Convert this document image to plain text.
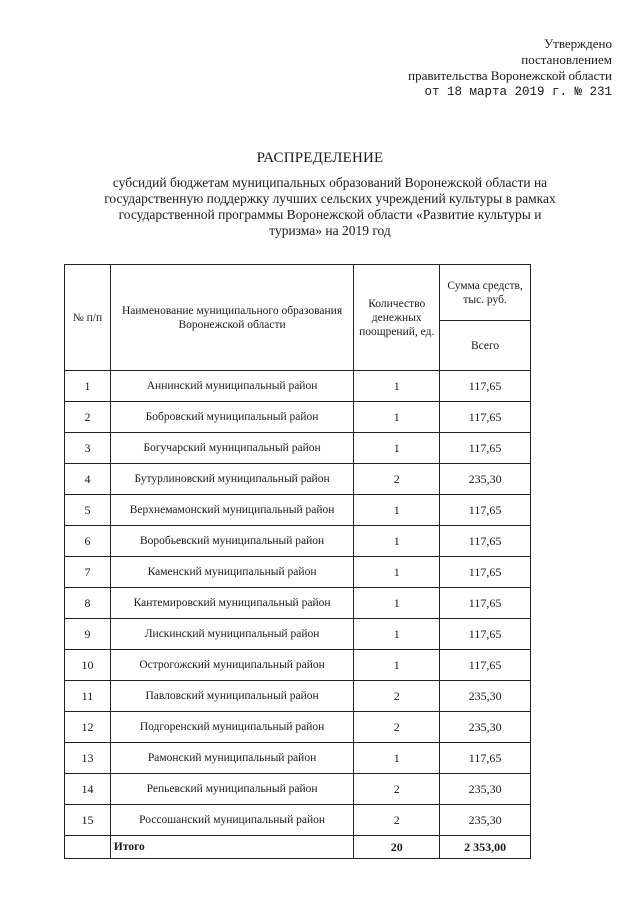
Утверждено
постановлением
правительства Воронежской области
от 18 марта 2019 г. № 231
РАСПРЕДЕЛЕНИЕ
субсидий бюджетам муниципальных образований Воронежской области на государственную поддержку лучших сельских учреждений культуры в рамках государственной программы Воронежской области «Развитие культуры и туризма» на 2019 год
№ п/п	Наименование муниципального образования Воронежской области	Количество денежных поощрений, ед.	Сумма средств, тыс. руб.
			Всего
1	Аннинский муниципальный район	1	117,65
2	Бобровский муниципальный район	1	117,65
3	Богучарский муниципальный район	1	117,65
4	Бутурлиновский муниципальный район	2	235,30
5	Верхнемамонский муниципальный район	1	117,65
6	Воробьевский муниципальный район	1	117,65
7	Каменский муниципальный район	1	117,65
8	Кантемировский муниципальный район	1	117,65
9	Лискинский муниципальный район	1	117,65
10	Острогожский муниципальный район	1	117,65
11	Павловский муниципальный район	2	235,30
12	Подгоренский муниципальный район	2	235,30
13	Рамонский муниципальный район	1	117,65
14	Репьевский муниципальный район	2	235,30
15	Россошанский муниципальный район	2	235,30
	Итого	20	2 353,00
